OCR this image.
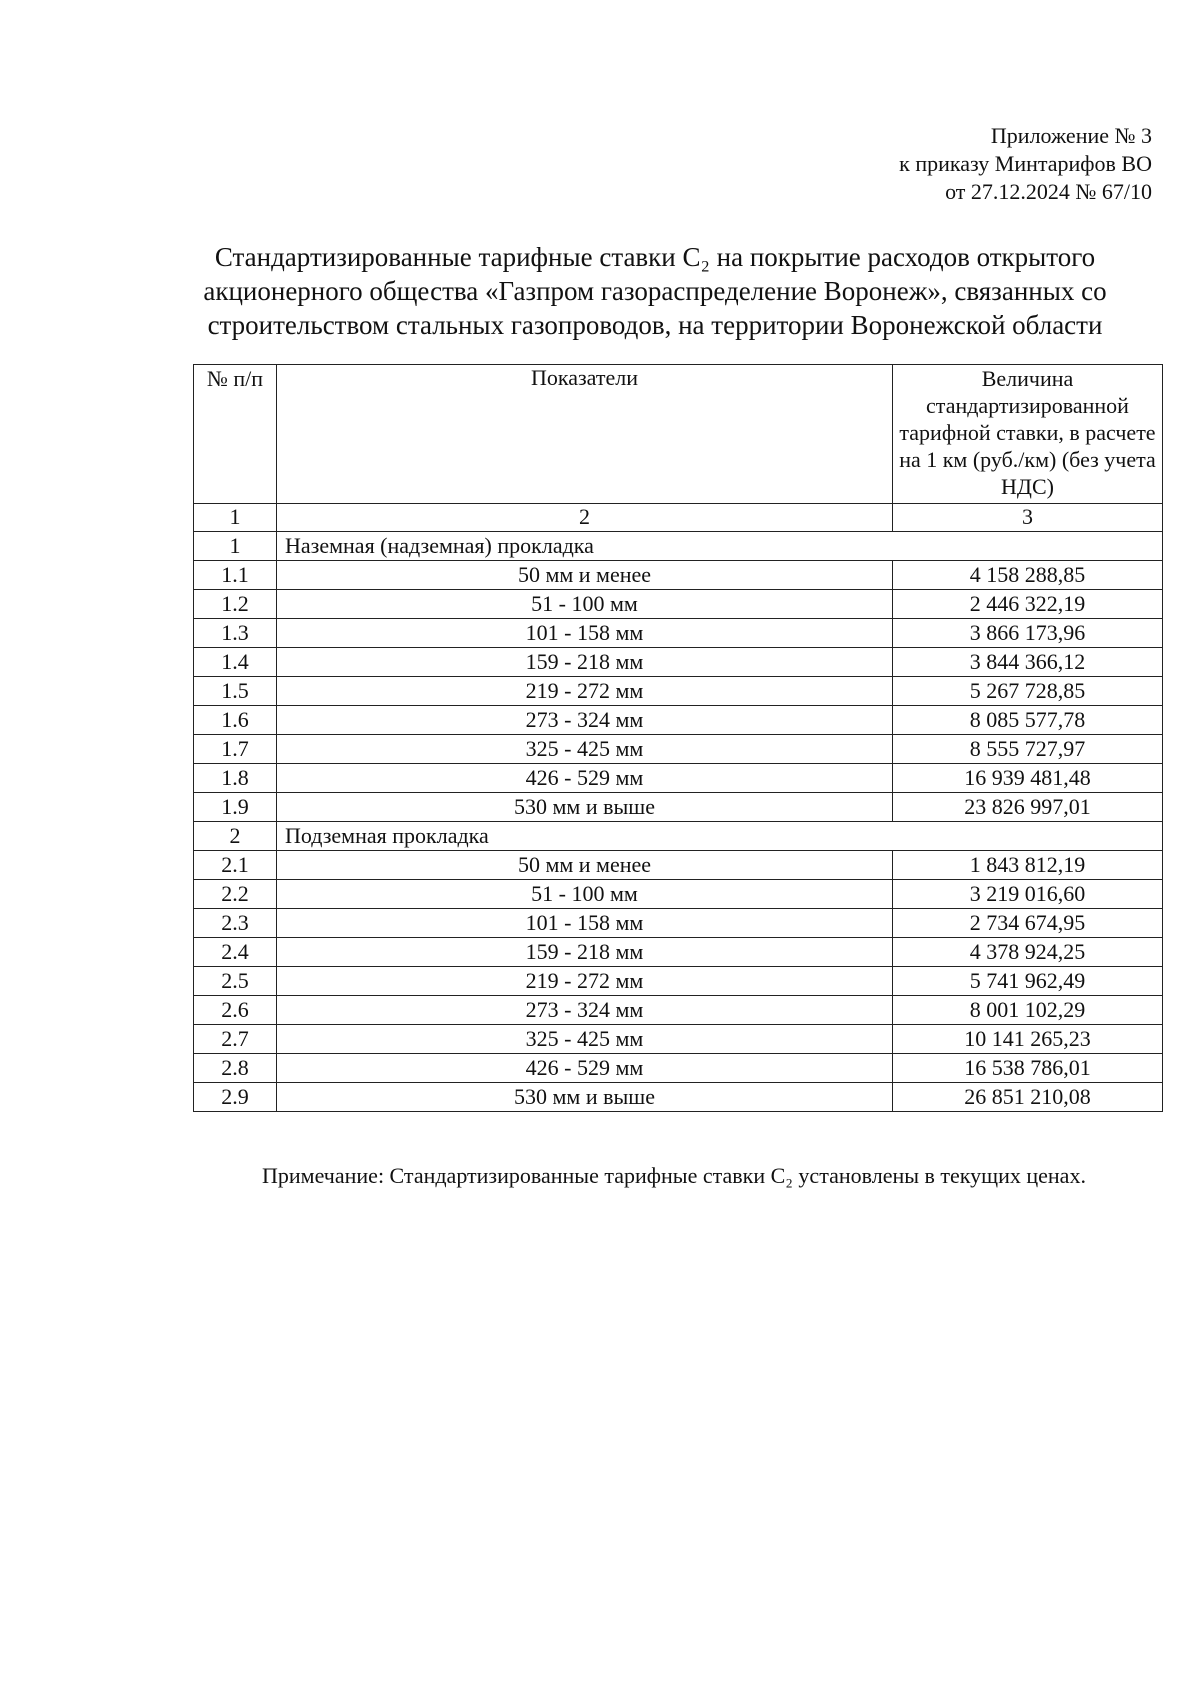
Приложение № 3
к приказу Минтарифов ВО
от 27.12.2024 № 67/10
Стандартизированные тарифные ставки С₂ на покрытие расходов открытого
акционерного общества «Газпром газораспределение Воронеж», связанных со
строительством стальных газопроводов, на территории Воронежской области
№ п/п	Показатели	Величина стандартизированной тарифной ставки, в расчете на 1 км (руб./км) (без учета НДС)
1	2	3
1	Наземная (надземная) прокладка	
1.1	50 мм и менее	4 158 288,85
1.2	51 - 100 мм	2 446 322,19
1.3	101 - 158 мм	3 866 173,96
1.4	159 - 218 мм	3 844 366,12
1.5	219 - 272 мм	5 267 728,85
1.6	273 - 324 мм	8 085 577,78
1.7	325 - 425 мм	8 555 727,97
1.8	426 - 529 мм	16 939 481,48
1.9	530 мм и выше	23 826 997,01
2	Подземная прокладка	
2.1	50 мм и менее	1 843 812,19
2.2	51 - 100 мм	3 219 016,60
2.3	101 - 158 мм	2 734 674,95
2.4	159 - 218 мм	4 378 924,25
2.5	219 - 272 мм	5 741 962,49
2.6	273 - 324 мм	8 001 102,29
2.7	325 - 425 мм	10 141 265,23
2.8	426 - 529 мм	16 538 786,01
2.9	530 мм и выше	26 851 210,08
Примечание: Стандартизированные тарифные ставки С₂ установлены в текущих ценах.
